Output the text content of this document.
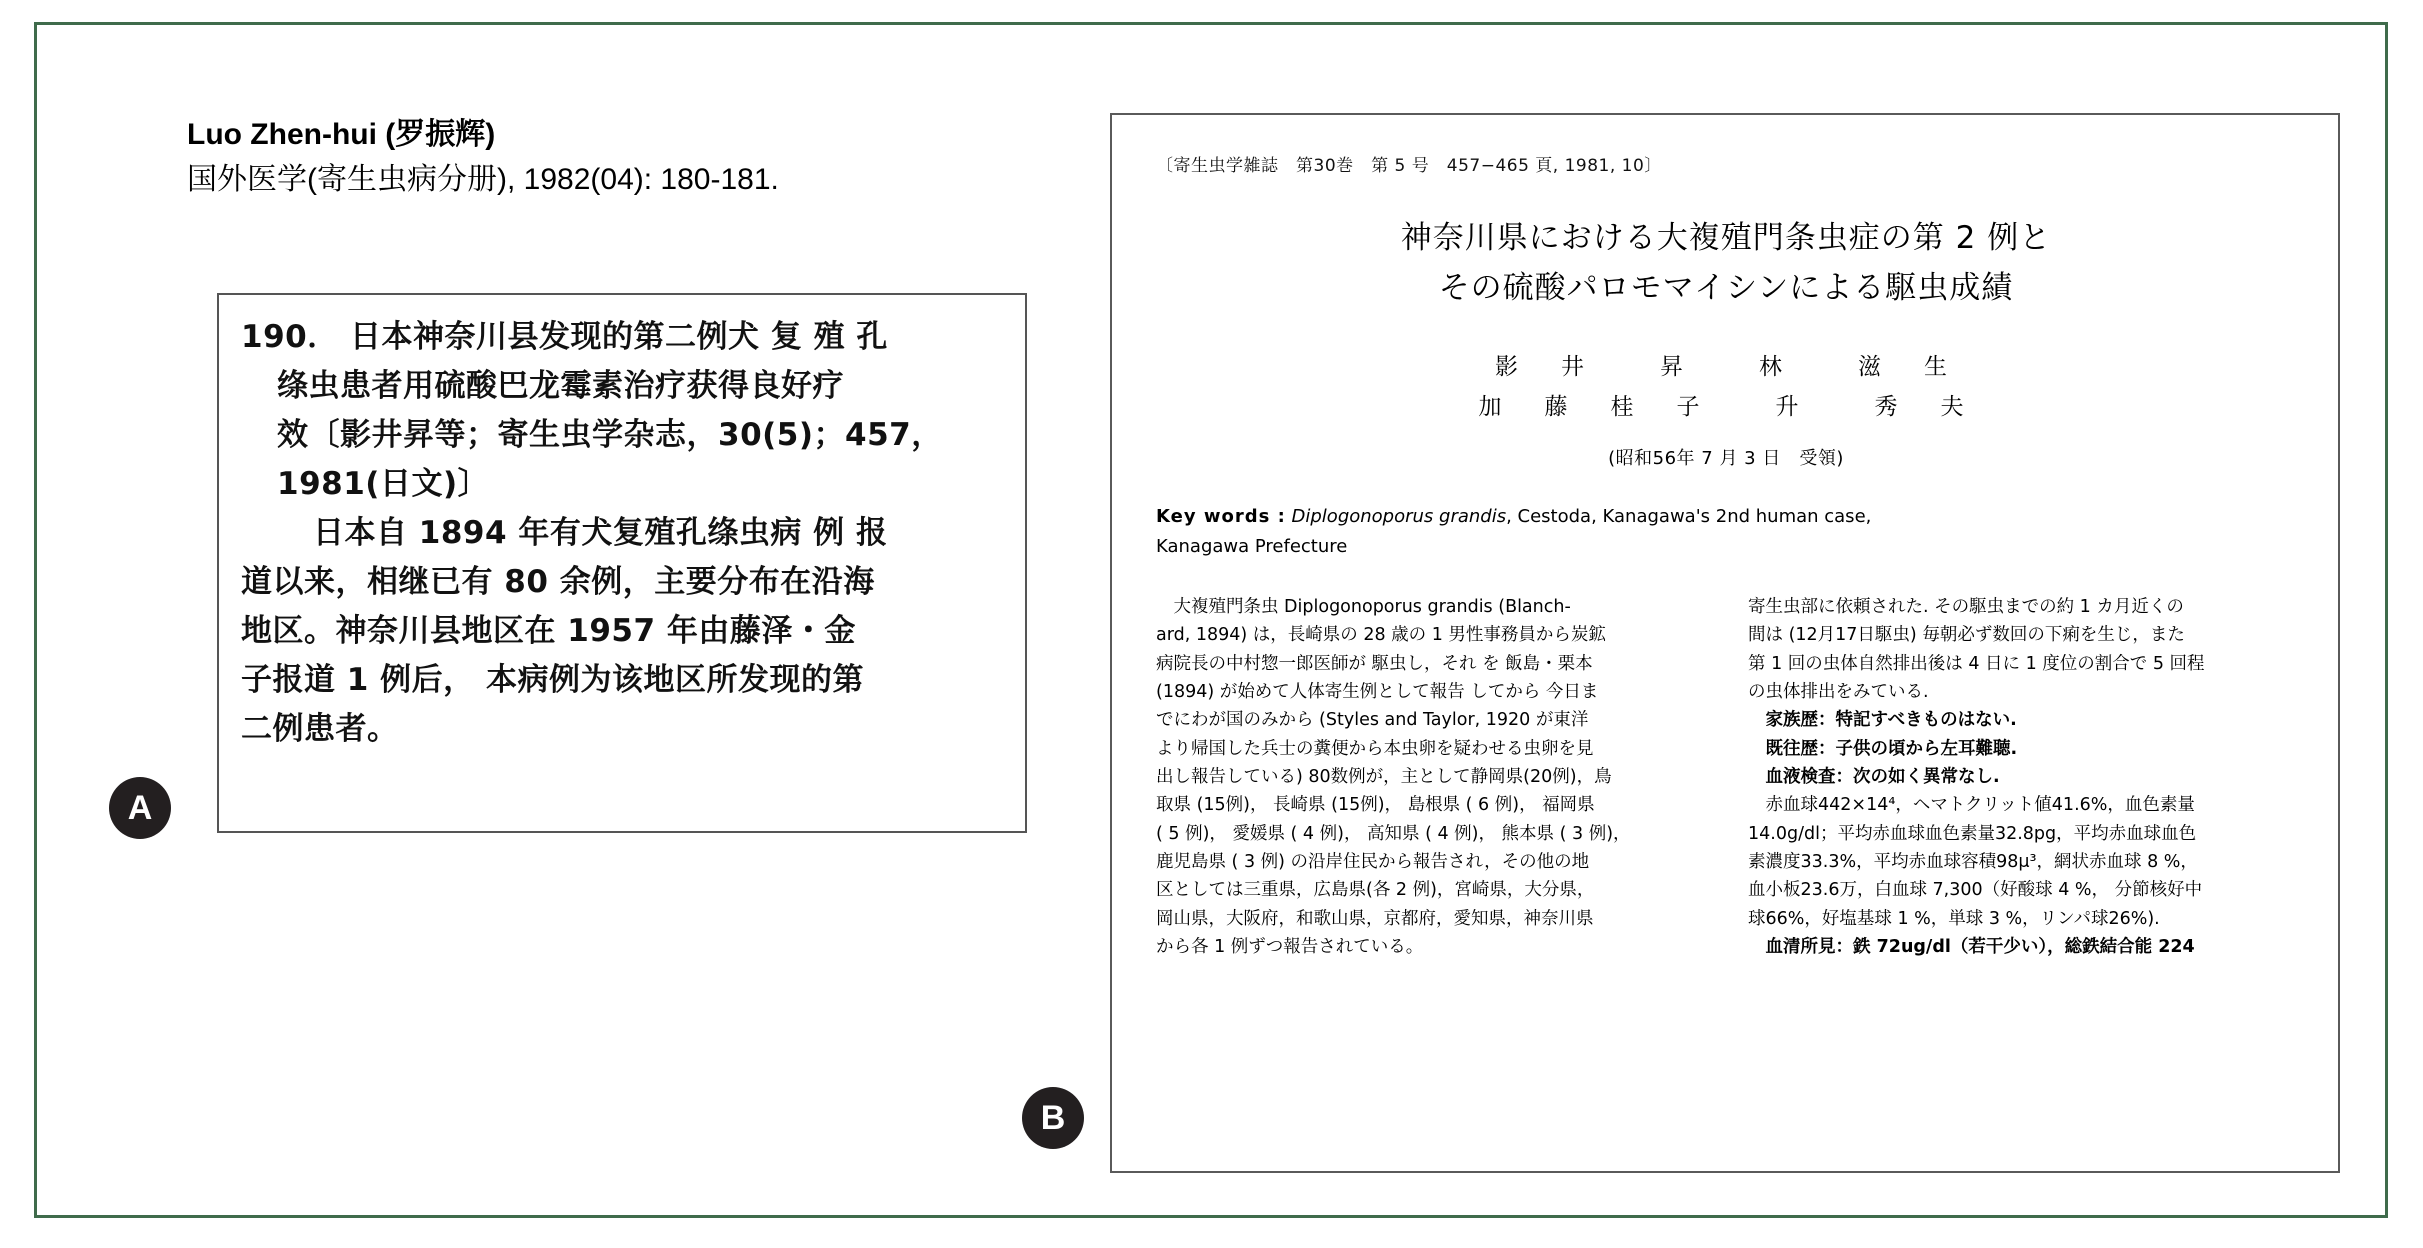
Luo Zhen-hui (罗振辉)
国外医学(寄生虫病分册), 1982(04): 180-181.
190． 日本神奈川县发现的第二例犬 复 殖 孔
绦虫患者用硫酸巴龙霉素治疗获得良好疗
效〔影井昇等；寄生虫学杂志，30(5)；457，
1981(日文)〕
日本自 1894 年有犬复殖孔绦虫病 例 报
道以来，相继已有 80 余例，主要分布在沿海
地区。神奈川县地区在 1957 年由藤泽・金
子报道 1 例后， 本病例为该地区所发现的第
二例患者。
〔寄生虫学雑誌　第30巻　第 5 号　457−465 頁, 1981, 10〕
神奈川県における大複殖門条虫症の第 2 例と
その硫酸パロモマイシンによる駆虫成績
影　井　　昇　　林　　滋　生
加　藤　桂　子　　升　　秀　夫
(昭和56年 7 月 3 日　受領)
Key words : Diplogonoporus grandis, Cestoda, Kanagawa's 2nd human case,
Kanagawa Prefecture

　大複殖門条虫 Diplogonoporus grandis (Blanch-

ard, 1894) は，長崎県の 28 歳の 1 男性事務員から炭鉱

病院長の中村惣一郎医師が 駆虫し，それ を 飯島・栗本

(1894) が始めて人体寄生例として報告 してから 今日ま

でにわが国のみから (Styles and Taylor, 1920 が東洋

より帰国した兵士の糞便から本虫卵を疑わせる虫卵を見

出し報告している) 80数例が，主として静岡県(20例)，鳥

取県 (15例)， 長崎県 (15例)， 島根県 ( 6 例)， 福岡県

( 5 例)， 愛媛県 ( 4 例)， 高知県 ( 4 例)， 熊本県 ( 3 例)，

鹿児島県 ( 3 例) の沿岸住民から報告され，その他の地

区としては三重県，広島県(各 2 例)，宮崎県，大分県，

岡山県，大阪府，和歌山県，京都府，愛知県，神奈川県

から各 1 例ずつ報告されている。

寄生虫部に依頼された. その駆虫までの約 1 カ月近くの

間は (12月17日駆虫) 毎朝必ず数回の下痢を生じ，また

第 1 回の虫体自然排出後は 4 日に 1 度位の割合で 5 回程

の虫体排出をみている.

　家族歴：特記すべきものはない.

　既往歴：子供の頃から左耳難聴.

　血液検査：次の如く異常なし.

　赤血球442×14⁴，ヘマトクリット値41.6%，血色素量

14.0g/dl；平均赤血球血色素量32.8pg，平均赤血球血色

素濃度33.3%，平均赤血球容積98μ³，網状赤血球 8 %，

血小板23.6万，白血球 7,300（好酸球 4 %， 分節核好中

球66%，好塩基球 1 %，単球 3 %，リンパ球26%).

　血清所見：鉄 72ug/dl（若干少い），総鉄結合能 224

A
B
